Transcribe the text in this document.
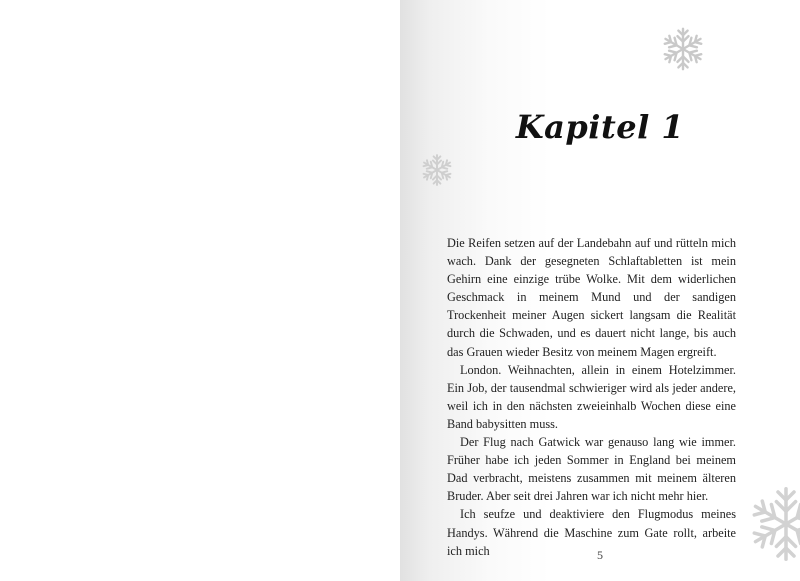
Kapitel 1

Die Reifen setzen auf der Landebahn auf und rütteln mich wach. Dank der gesegneten Schlaftabletten ist mein Gehirn eine einzige trübe Wolke. Mit dem widerlichen Geschmack in meinem Mund und der sandigen Trockenheit meiner Augen sickert langsam die Realität durch die Schwaden, und es dauert nicht lange, bis auch das Grauen wieder Besitz von meinem Magen ergreift.

London. Weihnachten, allein in einem Hotelzimmer. Ein Job, der tausendmal schwieriger wird als jeder andere, weil ich in den nächsten zweieinhalb Wochen diese eine Band babysitten muss.

Der Flug nach Gatwick war genauso lang wie immer. Früher habe ich jeden Sommer in England bei meinem Dad verbracht, meistens zusammen mit meinem älteren Bruder. Aber seit drei Jahren war ich nicht mehr hier.

Ich seufze und deaktiviere den Flugmodus meines Handys. Während die Maschine zum Gate rollt, arbeite ich mich	5
